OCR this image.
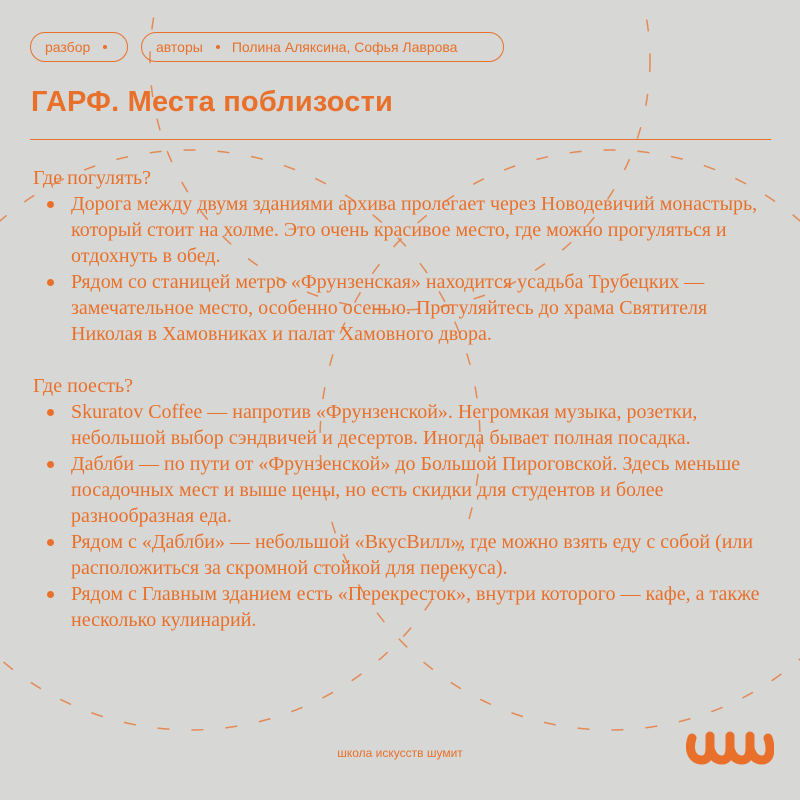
разбор	авторы Полина Аляксина, Софья Лаврова
ГАРФ. Места поблизости
Где погулять?
Дорога между двумя зданиями архива пролегает через Новодевичий монастырь, который стоит на холме. Это очень красивое место, где можно прогуляться и отдохнуть в обед.
Рядом со станицей метро «Фрунзенская» находится усадьба Трубецких — замечательное место, особенно осенью. Прогуляйтесь до храма Святителя Николая в Хамовниках и палат Хамовного двора.
Где поесть?
Skuratov Coffee — напротив «Фрунзенской». Негромкая музыка, розетки, небольшой выбор сэндвичей и десертов. Иногда бывает полная посадка.
Даблби — по пути от «Фрунзенской» до Большой Пироговской. Здесь меньше посадочных мест и выше цены, но есть скидки для студентов и более разнообразная еда.
Рядом с «Даблби» — небольшой «ВкусВилл», где можно взять еду с собой (или расположиться за скромной стойкой для перекуса).
Рядом с Главным зданием есть «Перекресток», внутри которого — кафе, а также несколько кулинарий.
школа искусств шумит
